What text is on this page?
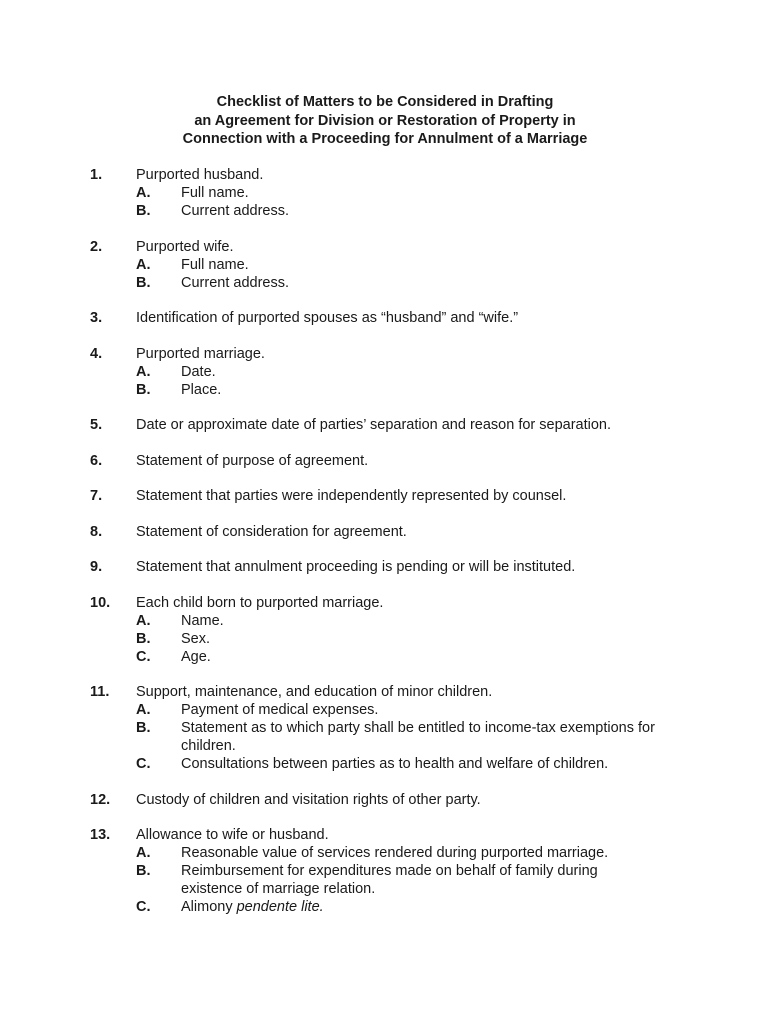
Checklist of Matters to be Considered in Drafting
an Agreement for Division or Restoration of Property in
Connection with a Proceeding for Annulment of a Marriage
1. Purported husband.
A. Full name.
B. Current address.
2. Purported wife.
A. Full name.
B. Current address.
3. Identification of purported spouses as “husband” and “wife.”
4. Purported marriage.
A. Date.
B. Place.
5. Date or approximate date of parties’ separation and reason for separation.
6. Statement of purpose of agreement.
7. Statement that parties were independently represented by counsel.
8. Statement of consideration for agreement.
9. Statement that annulment proceeding is pending or will be instituted.
10. Each child born to purported marriage.
A. Name.
B. Sex.
C. Age.
11. Support, maintenance, and education of minor children.
A. Payment of medical expenses.
B. Statement as to which party shall be entitled to income-tax exemptions for children.
C. Consultations between parties as to health and welfare of children.
12. Custody of children and visitation rights of other party.
13. Allowance to wife or husband.
A. Reasonable value of services rendered during purported marriage.
B. Reimbursement for expenditures made on behalf of family during existence of marriage relation.
C. Alimony pendente lite.
